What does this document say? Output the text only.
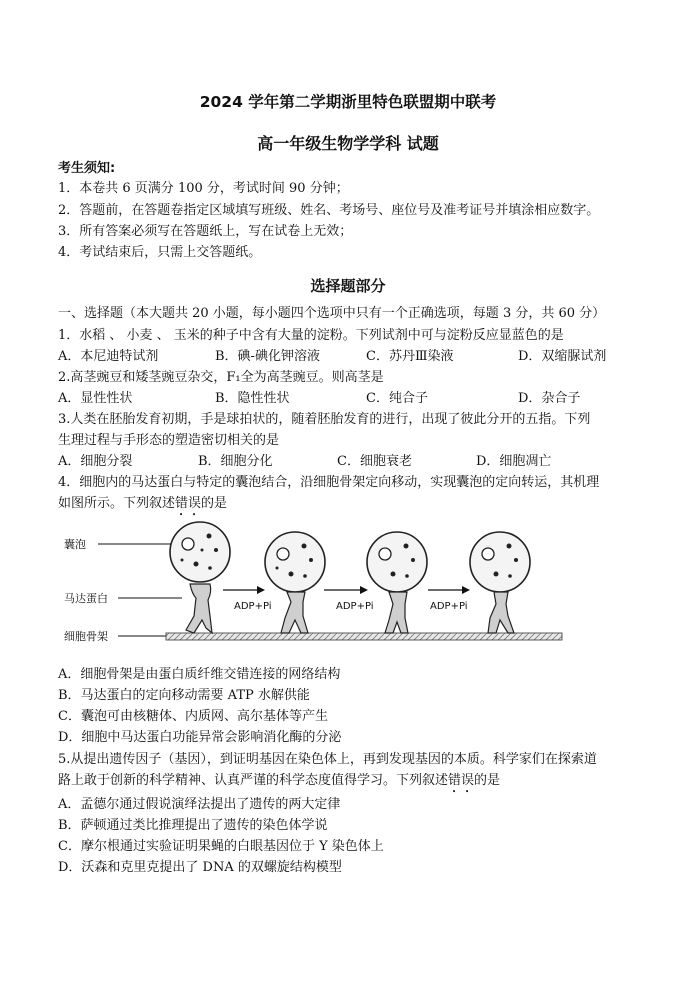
2024 学年第二学期浙里特色联盟期中联考
高一年级生物学学科 试题
考生须知:
1．本卷共 6 页满分 100 分，考试时间 90 分钟；
2．答题前，在答题卷指定区域填写班级、姓名、考场号、座位号及准考证号并填涂相应数字。
3．所有答案必须写在答题纸上，写在试卷上无效；
4．考试结束后，只需上交答题纸。
选择题部分
一、选择题（本大题共 20 小题，每小题四个选项中只有一个正确选项，每题 3 分，共 60 分）
1．水稻 、 小麦 、 玉米的种子中含有大量的淀粉。下列试剂中可与淀粉反应显蓝色的是
A．本尼迪特试剂	B．碘-碘化钾溶液	C．苏丹Ⅲ染液	D．双缩脲试剂
2.高茎豌豆和矮茎豌豆杂交，F₁全为高茎豌豆。则高茎是
A．显性性状	B．隐性性状	C．纯合子	D．杂合子
3.人类在胚胎发育初期，手是球拍状的，随着胚胎发育的进行，出现了彼此分开的五指。下列
生理过程与手形态的塑造密切相关的是
A．细胞分裂	B．细胞分化	C．细胞衰老	D．细胞凋亡
4．细胞内的马达蛋白与特定的囊泡结合，沿细胞骨架定向移动，实现囊泡的定向转运，其机理
如图所示。下列叙述错误的是
囊泡
马达蛋白
细胞骨架
ADP+Pi	ADP+Pi	ADP+Pi
A．细胞骨架是由蛋白质纤维交错连接的网络结构
B．马达蛋白的定向移动需要 ATP 水解供能
C．囊泡可由核糖体、内质网、高尔基体等产生
D．细胞中马达蛋白功能异常会影响消化酶的分泌
5.从提出遗传因子（基因），到证明基因在染色体上，再到发现基因的本质。科学家们在探索道
路上敢于创新的科学精神、认真严谨的科学态度值得学习。下列叙述错误的是
A．孟德尔通过假说演绎法提出了遗传的两大定律
B．萨顿通过类比推理提出了遗传的染色体学说
C．摩尔根通过实验证明果蝇的白眼基因位于 Y 染色体上
D．沃森和克里克提出了 DNA 的双螺旋结构模型
